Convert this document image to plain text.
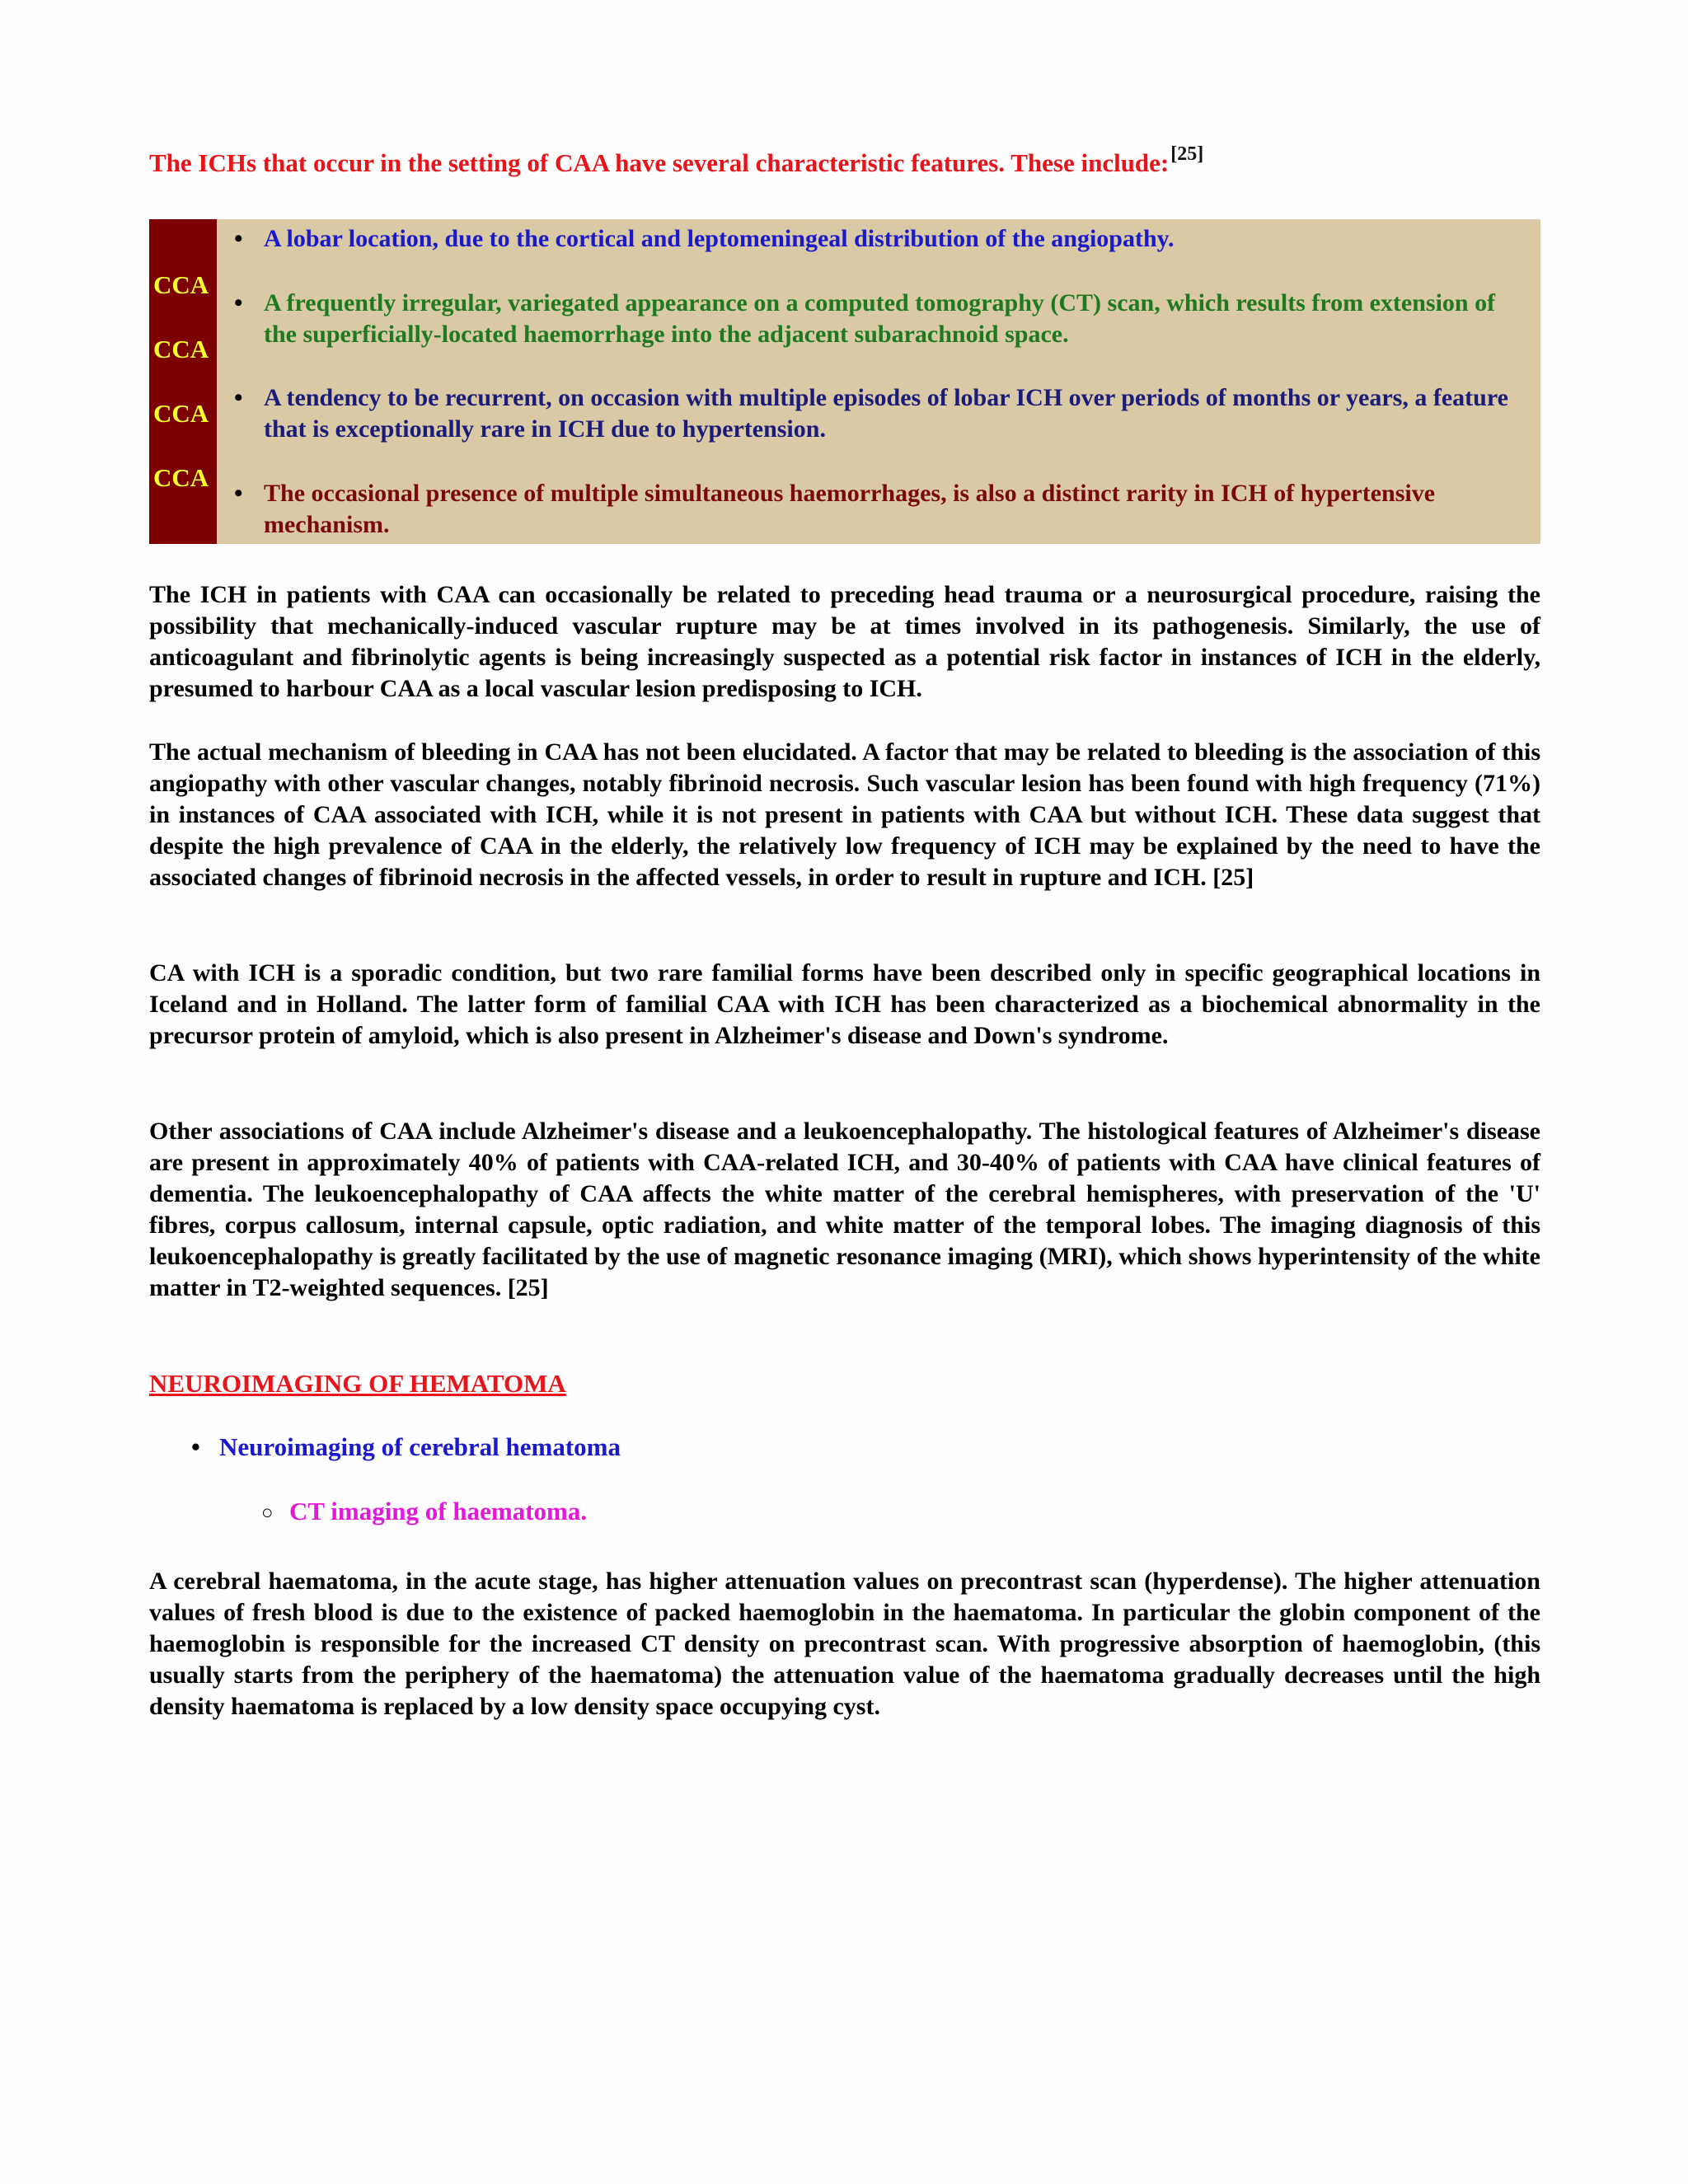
The ICHs that occur in the setting of CAA have several characteristic features. These include:[25]
CCA
CCA
CCA
CCA
• A lobar location, due to the cortical and leptomeningeal distribution of the angiopathy.
• A frequently irregular, variegated appearance on a computed tomography (CT) scan, which results from extension of the superficially-located haemorrhage into the adjacent subarachnoid space.
• A tendency to be recurrent, on occasion with multiple episodes of lobar ICH over periods of months or years, a feature that is exceptionally rare in ICH due to hypertension.
• The occasional presence of multiple simultaneous haemorrhages, is also a distinct rarity in ICH of hypertensive mechanism.

The ICH in patients with CAA can occasionally be related to preceding head trauma or a neurosurgical procedure, raising the possibility that mechanically-induced vascular rupture may be at times involved in its pathogenesis. Similarly, the use of anticoagulant and fibrinolytic agents is being increasingly suspected as a potential risk factor in instances of ICH in the elderly, presumed to harbour CAA as a local vascular lesion predisposing to ICH.

The actual mechanism of bleeding in CAA has not been elucidated. A factor that may be related to bleeding is the association of this angiopathy with other vascular changes, notably fibrinoid necrosis. Such vascular lesion has been found with high frequency (71%) in instances of CAA associated with ICH, while it is not present in patients with CAA but without ICH. These data suggest that despite the high prevalence of CAA in the elderly, the relatively low frequency of ICH may be explained by the need to have the associated changes of fibrinoid necrosis in the affected vessels, in order to result in rupture and ICH. [25]

CA with ICH is a sporadic condition, but two rare familial forms have been described only in specific geographical locations in Iceland and in Holland. The latter form of familial CAA with ICH has been characterized as a biochemical abnormality in the precursor protein of amyloid, which is also present in Alzheimer's disease and Down's syndrome.

Other associations of CAA include Alzheimer's disease and a leukoencephalopathy. The histological features of Alzheimer's disease are present in approximately 40% of patients with CAA-related ICH, and 30-40% of patients with CAA have clinical features of dementia. The leukoencephalopathy of CAA affects the white matter of the cerebral hemispheres, with preservation of the 'U' fibres, corpus callosum, internal capsule, optic radiation, and white matter of the temporal lobes. The imaging diagnosis of this leukoencephalopathy is greatly facilitated by the use of magnetic resonance imaging (MRI), which shows hyperintensity of the white matter in T2-weighted sequences. [25]

NEUROIMAGING OF HEMATOMA
• Neuroimaging of cerebral hematoma
○ CT imaging of haematoma.

A cerebral haematoma, in the acute stage, has higher attenuation values on precontrast scan (hyperdense). The higher attenuation values of fresh blood is due to the existence of packed haemoglobin in the haematoma. In particular the globin component of the haemoglobin is responsible for the increased CT density on precontrast scan. With progressive absorption of haemoglobin, (this usually starts from the periphery of the haematoma) the attenuation value of the haematoma gradually decreases until the high density haematoma is replaced by a low density space occupying cyst.
